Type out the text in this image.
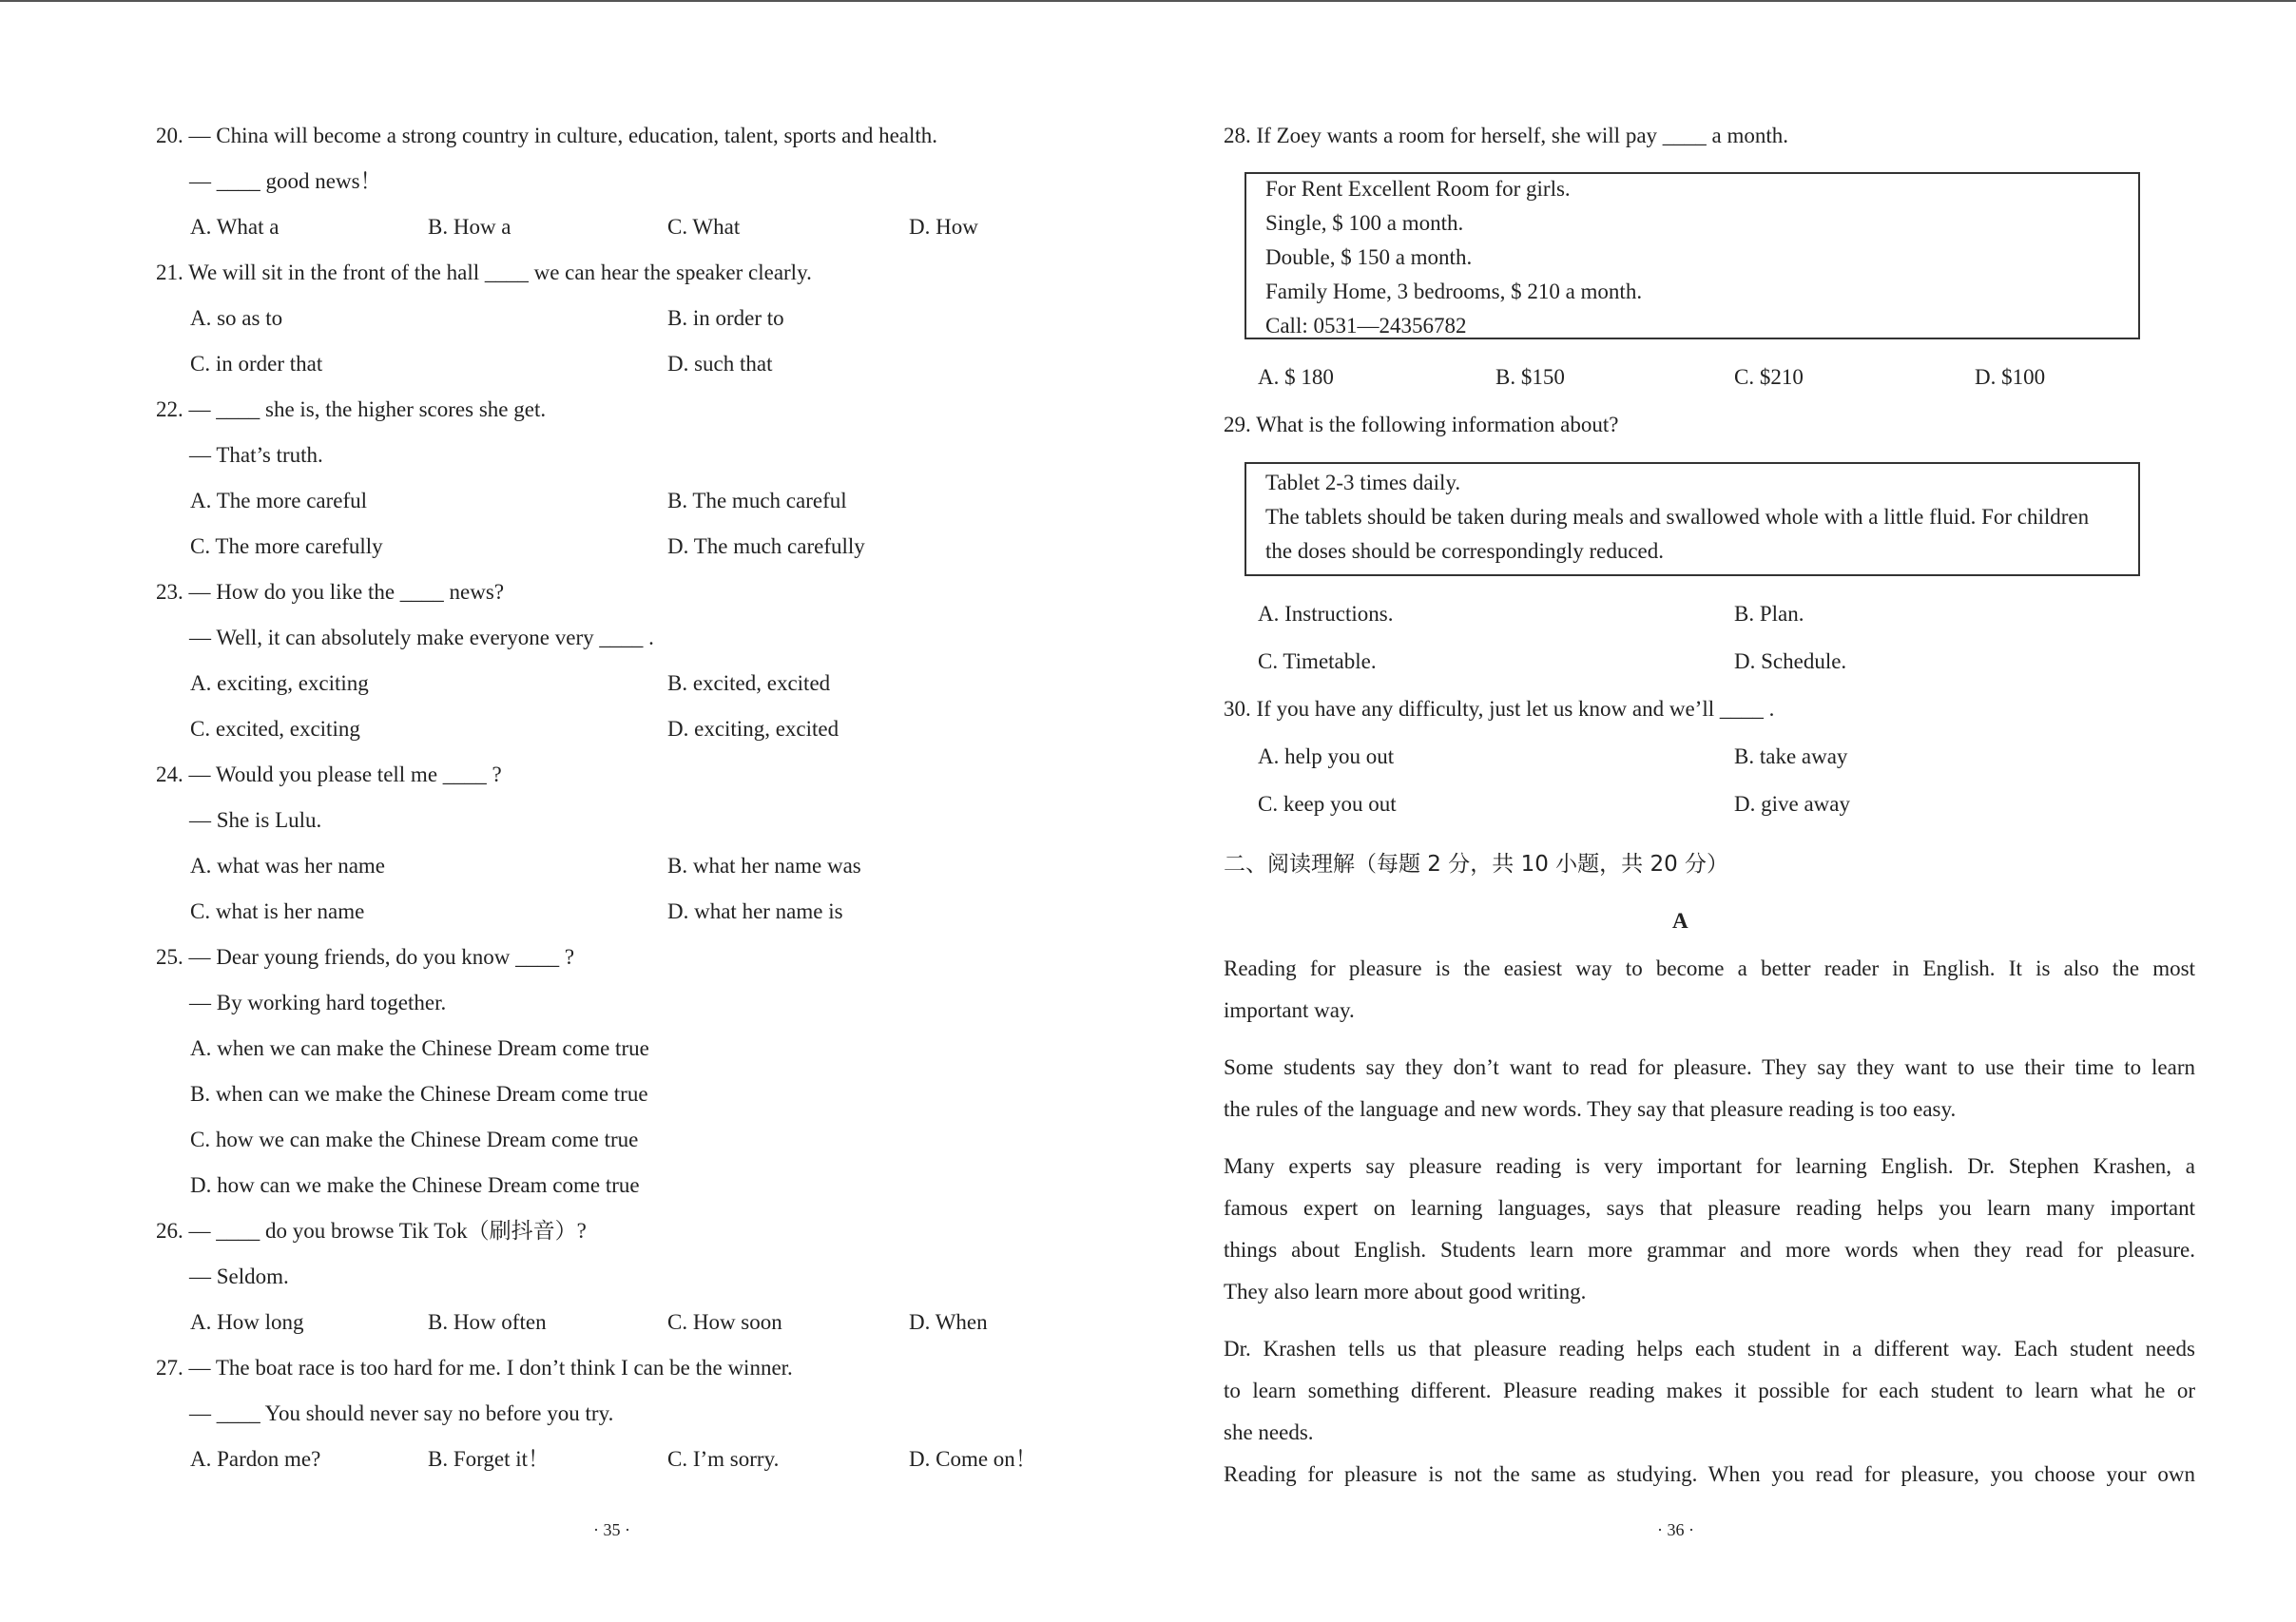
20. — China will become a strong country in culture, education, talent, sports and health.
— ____ good news！
A. What a	B. How a	C. What	D. How
21. We will sit in the front of the hall ____ we can hear the speaker clearly.
A. so as to	B. in order to
C. in order that	D. such that
22. — ____ she is, the higher scores she get.
— That’s truth.
A. The more careful	B. The much careful
C. The more carefully	D. The much carefully
23. — How do you like the ____ news?
— Well, it can absolutely make everyone very ____ .
A. exciting, exciting	B. excited, excited
C. excited, exciting	D. exciting, excited
24. — Would you please tell me ____ ?
— She is Lulu.
A. what was her name	B. what her name was
C. what is her name	D. what her name is
25. — Dear young friends, do you know ____ ?
— By working hard together.
A. when we can make the Chinese Dream come true
B. when can we make the Chinese Dream come true
C. how we can make the Chinese Dream come true
D. how can we make the Chinese Dream come true
26. — ____ do you browse Tik Tok（刷抖音）?
— Seldom.
A. How long	B. How often	C. How soon	D. When
27. — The boat race is too hard for me. I don’t think I can be the winner.
— ____ You should never say no before you try.
A. Pardon me?	B. Forget it！	C. I’m sorry.	D. Come on！
· 35 ·
28. If Zoey wants a room for herself, she will pay ____ a month.
For Rent Excellent Room for girls.
Single, $ 100 a month.
Double, $ 150 a month.
Family Home, 3 bedrooms, $ 210 a month.
Call: 0531—24356782
A. $ 180	B. $150	C. $210	D. $100
29. What is the following information about?
Tablet 2-3 times daily.
The tablets should be taken during meals and swallowed whole with a little fluid. For children
the doses should be correspondingly reduced.
A. Instructions.	B. Plan.
C. Timetable.	D. Schedule.
30. If you have any difficulty, just let us know and we’ll ____ .
A. help you out	B. take away
C. keep you out	D. give away
二、阅读理解（每题 2 分，共 10 小题，共 20 分）
A
Reading for pleasure is the easiest way to become a better reader in English. It is also the most
important way.
Some students say they don’t want to read for pleasure. They say they want to use their time to learn
the rules of the language and new words. They say that pleasure reading is too easy.
Many experts say pleasure reading is very important for learning English. Dr. Stephen Krashen, a
famous expert on learning languages, says that pleasure reading helps you learn many important
things about English. Students learn more grammar and more words when they read for pleasure.
They also learn more about good writing.
Dr. Krashen tells us that pleasure reading helps each student in a different way. Each student needs
to learn something different. Pleasure reading makes it possible for each student to learn what he or
she needs.
Reading for pleasure is not the same as studying. When you read for pleasure, you choose your own
· 36 ·
